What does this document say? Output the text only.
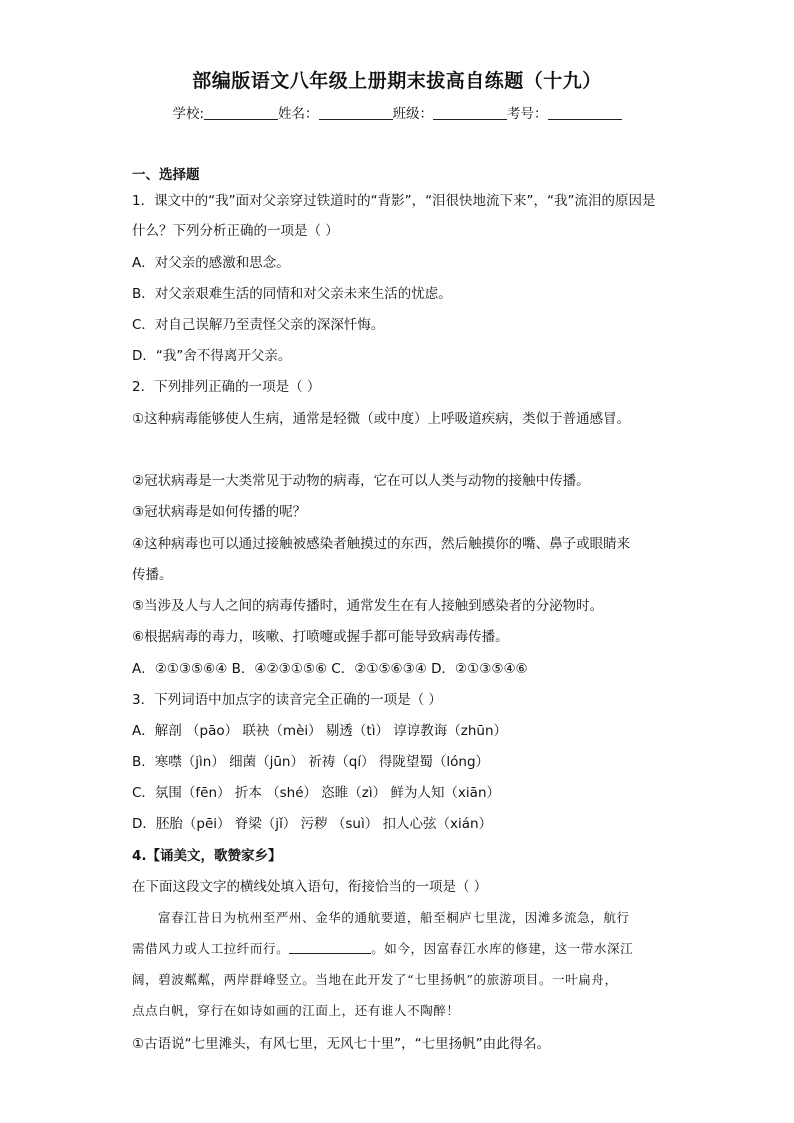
部编版语文八年级上册期末拔高自练题（十九）
学校:	姓名：	班级：	考号：
一、选择题
1．课文中的“我”面对父亲穿过铁道时的“背影”，“泪很快地流下来”，“我”流泪的原因是
什么？下列分析正确的一项是（ ）
A．对父亲的感激和思念。
B．对父亲艰难生活的同情和对父亲未来生活的忧虑。
C．对自己误解乃至责怪父亲的深深忏悔。
D．“我”舍不得离开父亲。
2．下列排列正确的一项是（ ）
①这种病毒能够使人生病，通常是轻微（或中度）上呼吸道疾病，类似于普通感冒。
②冠状病毒是一大类常见于动物的病毒，它在可以人类与动物的接触中传播。
③冠状病毒是如何传播的呢？
④这种病毒也可以通过接触被感染者触摸过的东西，然后触摸你的嘴、鼻子或眼睛来
传播。
⑤当涉及人与人之间的病毒传播时，通常发生在有人接触到感染者的分泌物时。
⑥根据病毒的毒力，咳嗽、打喷嚏或握手都可能导致病毒传播。
A．②①③⑤⑥④ B．④②③①⑤⑥ C．②①⑤⑥③④ D．②①③⑤④⑥
3．下列词语中加点字的读音完全正确的一项是（ ）
A．解剖 （pāo） 联袂（mèi） 剔透（tì） 谆谆教诲（zhūn）
B．寒噤（jìn） 细菌（jūn） 祈祷（qí） 得陇望蜀（lóng）
C．氛围（fēn） 折本 （shé） 恣睢（zì） 鲜为人知（xiān）
D．胚胎（pēi） 脊梁（jǐ） 污秽 （suì） 扣人心弦（xián）
4.【诵美文，歌赞家乡】
在下面这段文字的横线处填入语句，衔接恰当的一项是（ ）
富春江昔日为杭州至严州、金华的通航要道，船至桐庐七里泷，因滩多流急，航行
需借风力或人工拉纤而行。	。如今，因富春江水库的修建，这一带水深江
阔，碧波粼粼，两岸群峰竖立。当地在此开发了“七里扬帆”的旅游项目。一叶扁舟，
点点白帆，穿行在如诗如画的江面上，还有谁人不陶醉！
①古语说“七里滩头，有风七里，无风七十里”，“七里扬帆”由此得名。
